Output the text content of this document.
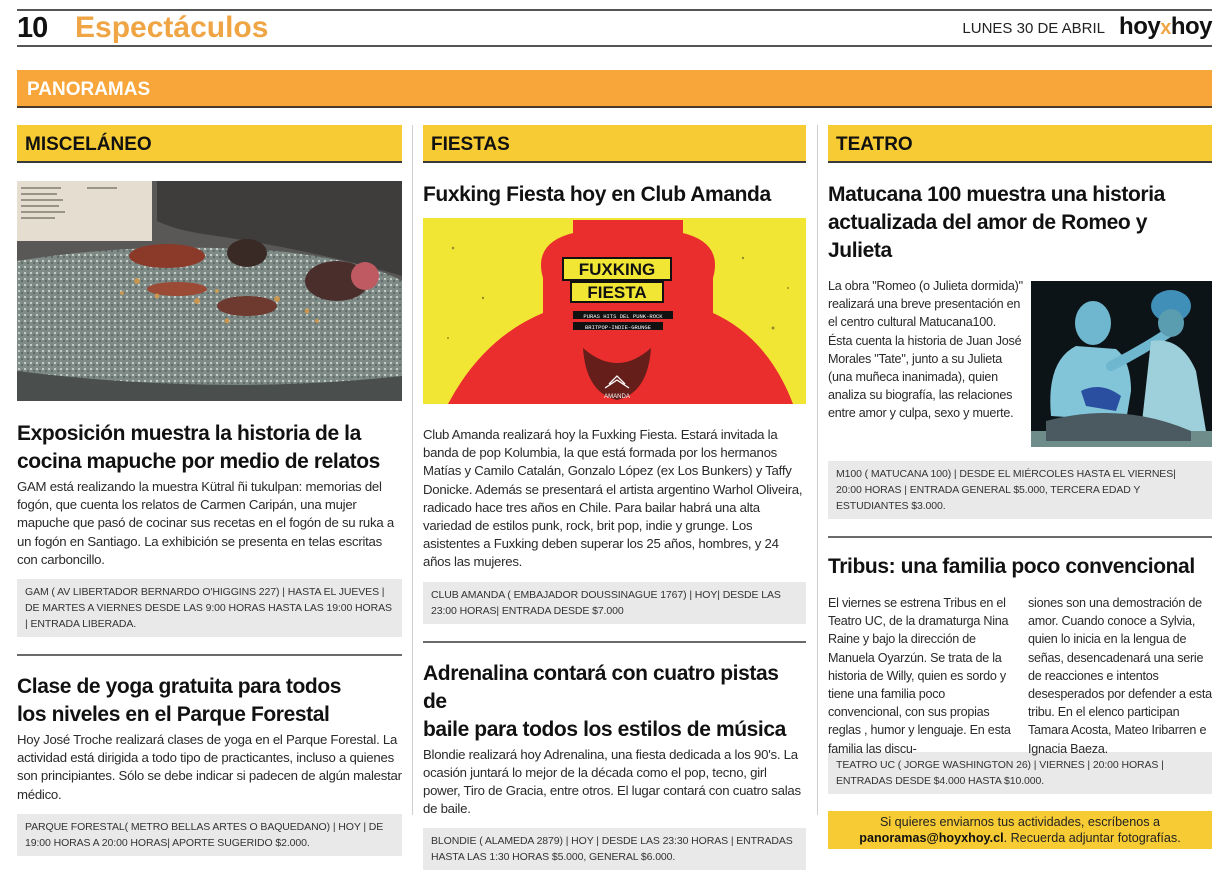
10 Espectáculos	LUNES 30 DE ABRIL hoyxhoy
PANORAMAS
MISCELÁNEO
Exposición muestra la historia de la
cocina mapuche por medio de relatos

GAM está realizando la muestra Kütral ñi tukulpan: memorias del fogón, que cuenta los relatos de Carmen Caripán, una mujer mapuche que pasó de cocinar sus recetas en el fogón de su ruka a un fogón en Santiago. La exhibición se presenta en telas escritas con carboncillo.

GAM ( AV LIBERTADOR BERNARDO O'HIGGINS 227) | HASTA EL JUEVES | DE MARTES A VIERNES DESDE LAS 9:00 HORAS HASTA LAS 19:00 HORAS | ENTRADA LIBERADA.
Clase de yoga gratuita para todos
los niveles en el Parque Forestal

Hoy José Troche realizará clases de yoga en el Parque Forestal. La actividad está dirigida a todo tipo de practicantes, incluso a quienes son principiantes. Sólo se debe indicar si padecen de algún malestar médico.

PARQUE FORESTAL( METRO BELLAS ARTES O BAQUEDANO) | HOY | DE 19:00 HORAS A 20:00 HORAS| APORTE SUGERIDO $2.000.
FIESTAS
Fuxking Fiesta hoy en Club Amanda
FUXKING
FIESTA
PURAS HITS DEL PUNK-ROCK
BRITPOP-INDIE-GRUNGE
AMANDA

Club Amanda realizará hoy la Fuxking Fiesta. Estará invitada la banda de pop Kolumbia, la que está formada por los hermanos Matías y Camilo Catalán, Gonzalo López (ex Los Bunkers) y Taffy Donicke. Además se presentará el artista argentino Warhol Oliveira, radicado hace tres años en Chile. Para bailar habrá una alta variedad de estilos punk, rock, brit pop, indie y grunge. Los asistentes a Fuxking deben superar los 25 años, hombres, y 24 años las mujeres.

CLUB AMANDA ( EMBAJADOR DOUSSINAGUE 1767) | HOY| DESDE LAS 23:00 HORAS| ENTRADA DESDE $7.000
Adrenalina contará con cuatro pistas de
baile para todos los estilos de música

Blondie realizará hoy Adrenalina, una fiesta dedicada a los 90's. La ocasión juntará lo mejor de la década como el pop, tecno, girl power, Tiro de Gracia, entre otros. El lugar contará con cuatro salas de baile.

BLONDIE ( ALAMEDA 2879) | HOY | DESDE LAS 23:30 HORAS | ENTRADAS HASTA LAS 1:30 HORAS $5.000, GENERAL $6.000.
TEATRO
Matucana 100 muestra una historia
actualizada del amor de Romeo y Julieta

La obra "Romeo (o Julieta dormida)" realizará una breve presentación en el centro cultural Matucana100. Ésta cuenta la historia de Juan José Morales "Tate", junto a su Julieta (una muñeca inanimada), quien analiza su biografía, las relaciones entre amor y culpa, sexo y muerte.

M100 ( MATUCANA 100) | DESDE EL MIÉRCOLES HASTA EL VIERNES| 20:00 HORAS | ENTRADA GENERAL $5.000, TERCERA EDAD Y ESTUDIANTES $3.000.
Tribus: una familia poco convencional

El viernes se estrena Tribus en el Teatro UC, de la dramaturga Nina Raine y bajo la dirección de Manuela Oyarzún. Se trata de la historia de Willy, quien es sordo y tiene una familia poco convencional, con sus propias reglas , humor y lenguaje. En esta familia las discu-

siones son una demostración de amor. Cuando conoce a Sylvia, quien lo inicia en la lengua de señas, desencadenará una serie de reacciones e intentos desesperados por defender a esta tribu. En el elenco participan Tamara Acosta, Mateo Iribarren e Ignacia Baeza.

TEATRO UC ( JORGE WASHINGTON 26) | VIERNES | 20:00 HORAS | ENTRADAS DESDE $4.000 HASTA $10.000.
Si quieres enviarnos tus actividades, escríbenos a
panoramas@hoyxhoy.cl. Recuerda adjuntar fotografías.
